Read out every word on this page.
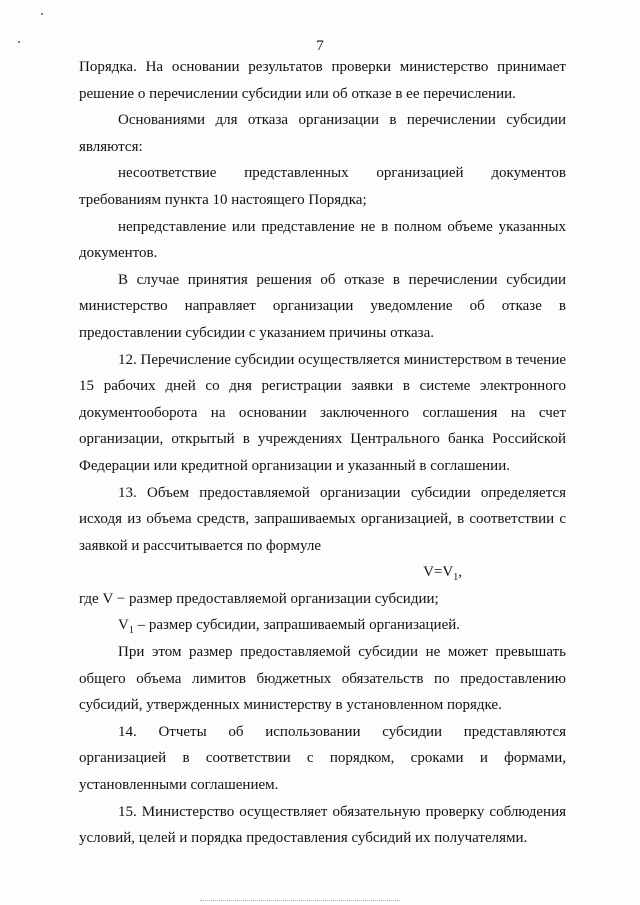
7

Порядка. На основании результатов проверки министерство принимает решение о перечислении субсидии или об отказе в ее перечислении.

Основаниями для отказа организации в перечислении субсидии являются:

несоответствие представленных организацией документов требованиям пункта 10 настоящего Порядка;

непредставление или представление не в полном объеме указанных документов.

В случае принятия решения об отказе в перечислении субсидии министерство направляет организации уведомление об отказе в предоставлении субсидии с указанием причины отказа.

12. Перечисление субсидии осуществляется министерством в течение 15 рабочих дней со дня регистрации заявки в системе электронного документооборота на основании заключенного соглашения на счет организации, открытый в учреждениях Центрального банка Российской Федерации или кредитной организации и указанный в соглашении.

13. Объем предоставляемой организации субсидии определяется исходя из объема средств, запрашиваемых организацией, в соответствии с заявкой и рассчитывается по формуле

$V=V_1$,

где V − размер предоставляемой организации субсидии;

$V_1$ – размер субсидии, запрашиваемый организацией.

При этом размер предоставляемой субсидии не может превышать общего объема лимитов бюджетных обязательств по предоставлению субсидий, утвержденных министерству в установленном порядке.

14. Отчеты об использовании субсидии представляются организацией в соответствии с порядком, сроками и формами, установленными соглашением.

15. Министерство осуществляет обязательную проверку соблюдения условий, целей и порядка предоставления субсидий их получателями.
